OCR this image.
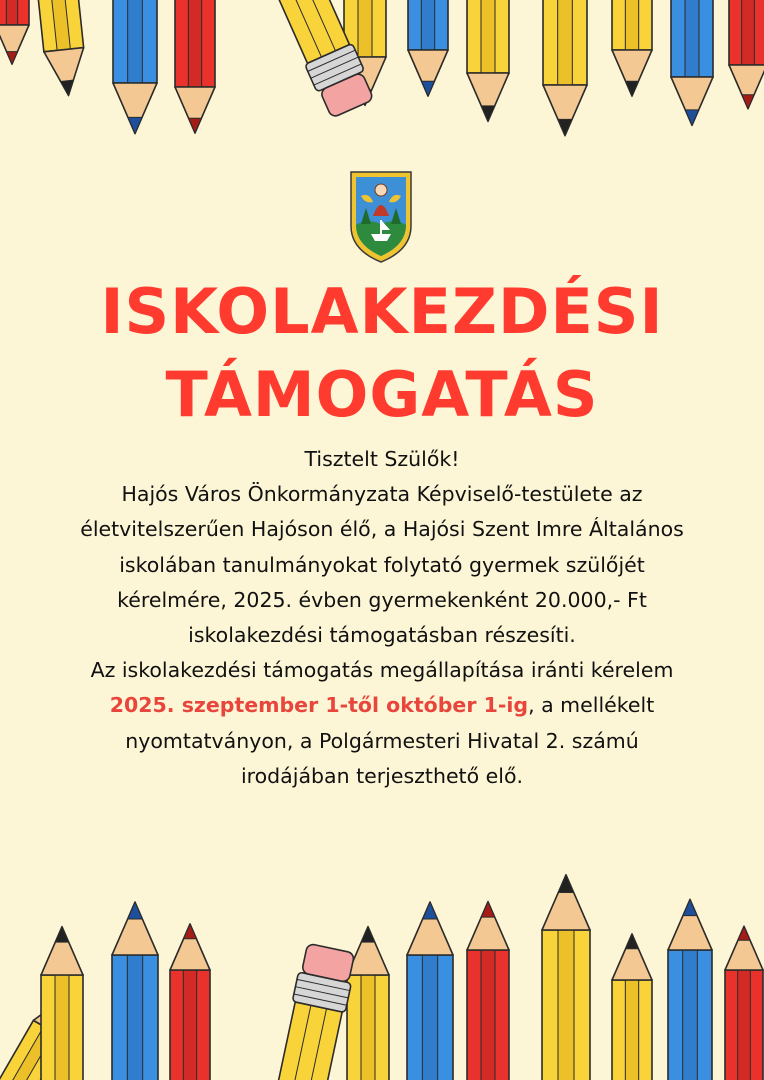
ISKOLAKEZDÉSI
TÁMOGATÁS
Tisztelt Szülők!
Hajós Város Önkormányzata Képviselő-testülete az
életvitelszerűen Hajóson élő, a Hajósi Szent Imre Általános
iskolában tanulmányokat folytató gyermek szülőjét
kérelmére, 2025. évben gyermekenként 20.000,- Ft
iskolakezdési támogatásban részesíti.
Az iskolakezdési támogatás megállapítása iránti kérelem
2025. szeptember 1-től október 1-ig, a mellékelt
nyomtatványon, a Polgármesteri Hivatal 2. számú
irodájában terjeszthető elő.
